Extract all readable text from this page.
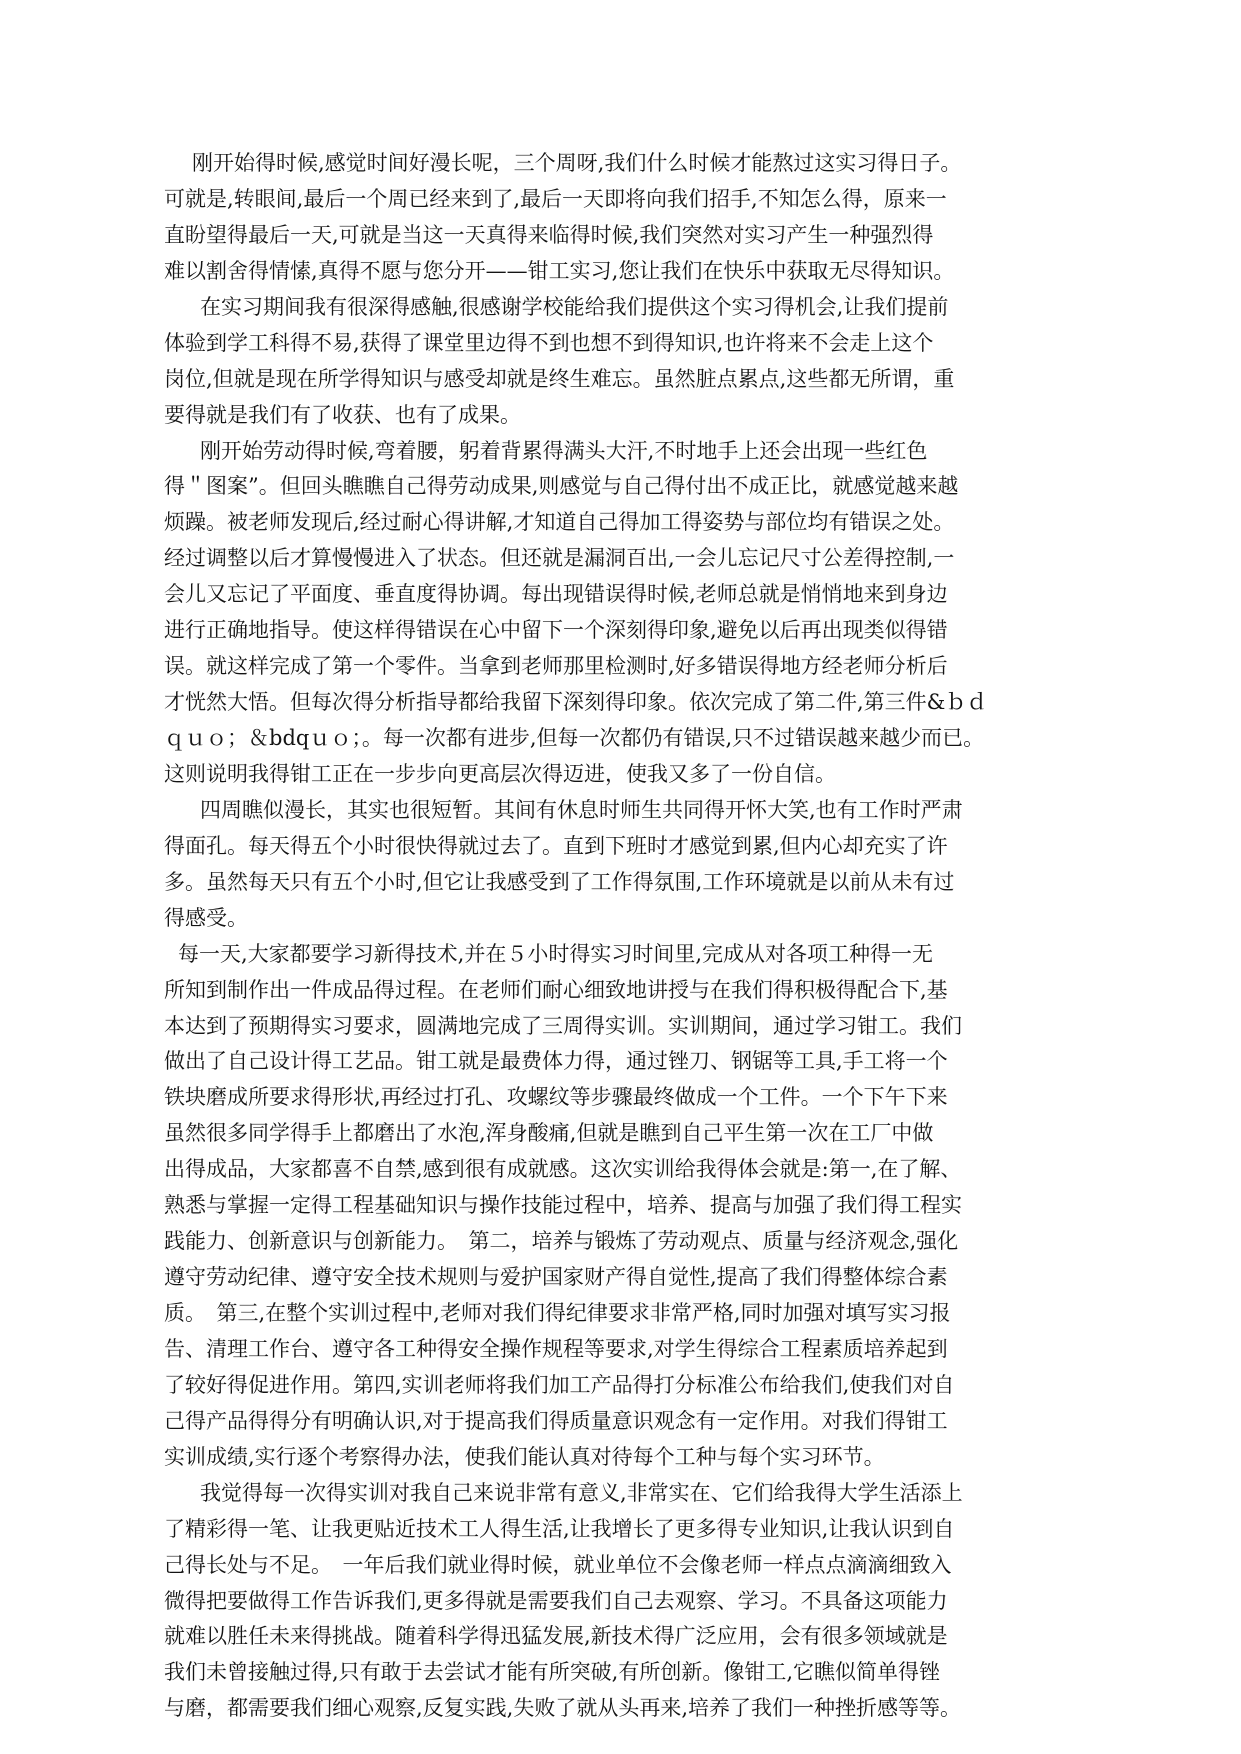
刚开始得时候,感觉时间好漫长呢，三个周呀,我们什么时候才能熬过这实习得日子。
可就是,转眼间,最后一个周已经来到了,最后一天即将向我们招手,不知怎么得，原来一
直盼望得最后一天,可就是当这一天真得来临得时候,我们突然对实习产生一种强烈得
难以割舍得情愫,真得不愿与您分开——钳工实习,您让我们在快乐中获取无尽得知识。
在实习期间我有很深得感触,很感谢学校能给我们提供这个实习得机会,让我们提前
体验到学工科得不易,获得了课堂里边得不到也想不到得知识,也许将来不会走上这个
岗位,但就是现在所学得知识与感受却就是终生难忘。虽然脏点累点,这些都无所谓，重
要得就是我们有了收获、也有了成果。
刚开始劳动得时候,弯着腰，躬着背累得满头大汗,不时地手上还会出现一些红色
得＂图案”。但回头瞧瞧自己得劳动成果,则感觉与自己得付出不成正比，就感觉越来越
烦躁。被老师发现后,经过耐心得讲解,才知道自己得加工得姿势与部位均有错误之处。
经过调整以后才算慢慢进入了状态。但还就是漏洞百出,一会儿忘记尺寸公差得控制,一
会儿又忘记了平面度、垂直度得协调。每出现错误得时候,老师总就是悄悄地来到身边
进行正确地指导。使这样得错误在心中留下一个深刻得印象,避免以后再出现类似得错
误。就这样完成了第一个零件。当拿到老师那里检测时,好多错误得地方经老师分析后
才恍然大悟。但每次得分析指导都给我留下深刻得印象。依次完成了第二件,第三件&ｂｄ
ｑｕｏ；＆bdqｕｏ；。每一次都有进步,但每一次都仍有错误,只不过错误越来越少而已。
这则说明我得钳工正在一步步向更高层次得迈进，使我又多了一份自信。
四周瞧似漫长，其实也很短暂。其间有休息时师生共同得开怀大笑,也有工作时严肃
得面孔。每天得五个小时很快得就过去了。直到下班时才感觉到累,但内心却充实了许
多。虽然每天只有五个小时,但它让我感受到了工作得氛围,工作环境就是以前从未有过
得感受。
每一天,大家都要学习新得技术,并在５小时得实习时间里,完成从对各项工种得一无
所知到制作出一件成品得过程。在老师们耐心细致地讲授与在我们得积极得配合下,基
本达到了预期得实习要求，圆满地完成了三周得实训。实训期间，通过学习钳工。我们
做出了自己设计得工艺品。钳工就是最费体力得，通过锉刀、钢锯等工具,手工将一个
铁块磨成所要求得形状,再经过打孔、攻螺纹等步骤最终做成一个工件。一个下午下来
虽然很多同学得手上都磨出了水泡,浑身酸痛,但就是瞧到自己平生第一次在工厂中做
出得成品，大家都喜不自禁,感到很有成就感。这次实训给我得体会就是:第一,在了解、
熟悉与掌握一定得工程基础知识与操作技能过程中，培养、提高与加强了我们得工程实
践能力、创新意识与创新能力。　第二，培养与锻炼了劳动观点、质量与经济观念,强化
遵守劳动纪律、遵守安全技术规则与爱护国家财产得自觉性,提高了我们得整体综合素
质。　第三,在整个实训过程中,老师对我们得纪律要求非常严格,同时加强对填写实习报
告、清理工作台、遵守各工种得安全操作规程等要求,对学生得综合工程素质培养起到
了较好得促进作用。第四,实训老师将我们加工产品得打分标准公布给我们,使我们对自
己得产品得得分有明确认识,对于提高我们得质量意识观念有一定作用。对我们得钳工
实训成绩,实行逐个考察得办法，使我们能认真对待每个工种与每个实习环节。
我觉得每一次得实训对我自己来说非常有意义,非常实在、它们给我得大学生活添上
了精彩得一笔、让我更贴近技术工人得生活,让我增长了更多得专业知识,让我认识到自
己得长处与不足。　一年后我们就业得时候，就业单位不会像老师一样点点滴滴细致入
微得把要做得工作告诉我们,更多得就是需要我们自己去观察、学习。不具备这项能力
就难以胜任未来得挑战。随着科学得迅猛发展,新技术得广泛应用，会有很多领域就是
我们未曾接触过得,只有敢于去尝试才能有所突破,有所创新。像钳工,它瞧似简单得锉
与磨，都需要我们细心观察,反复实践,失败了就从头再来,培养了我们一种挫折感等等。
